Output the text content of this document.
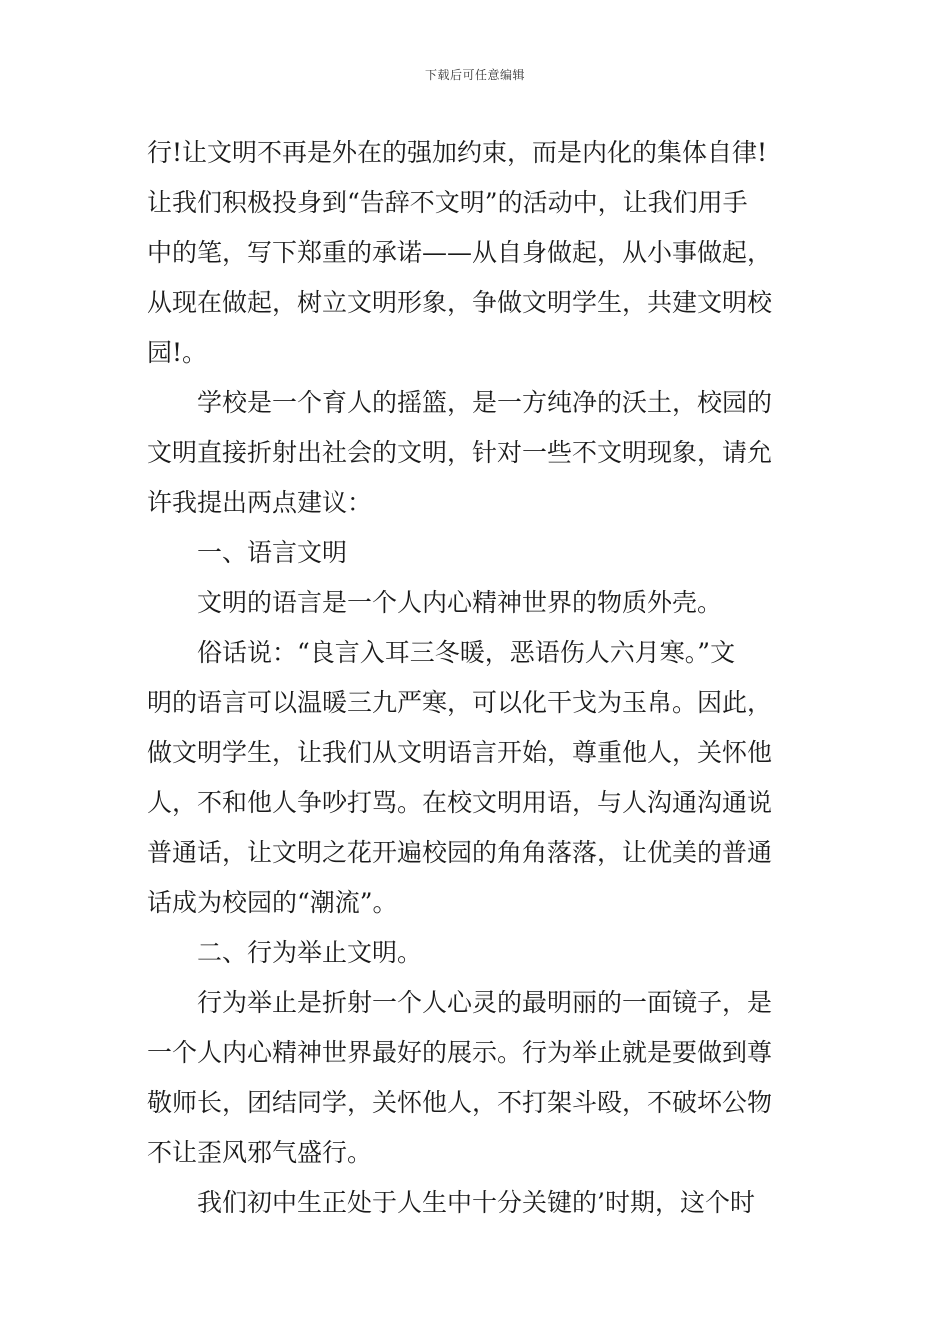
下载后可任意编辑
行!让文明不再是外在的强加约束，而是内化的集体自律!
让我们积极投身到“告辞不文明”的活动中，让我们用手
中的笔，写下郑重的承诺——从自身做起，从小事做起，
从现在做起，树立文明形象，争做文明学生，共建文明校
园!。
学校是一个育人的摇篮，是一方纯净的沃土，校园的
文明直接折射出社会的文明，针对一些不文明现象，请允
许我提出两点建议：
一、语言文明
文明的语言是一个人内心精神世界的物质外壳。
俗话说：“良言入耳三冬暖，恶语伤人六月寒。”文
明的语言可以温暖三九严寒，可以化干戈为玉帛。因此，
做文明学生，让我们从文明语言开始，尊重他人，关怀他
人，不和他人争吵打骂。在校文明用语，与人沟通沟通说
普通话，让文明之花开遍校园的角角落落，让优美的普通
话成为校园的“潮流”。
二、行为举止文明。
行为举止是折射一个人心灵的最明丽的一面镜子，是
一个人内心精神世界最好的展示。行为举止就是要做到尊
敬师长，团结同学，关怀他人，不打架斗殴，不破坏公物
不让歪风邪气盛行。
我们初中生正处于人生中十分关键的’时期，这个时
